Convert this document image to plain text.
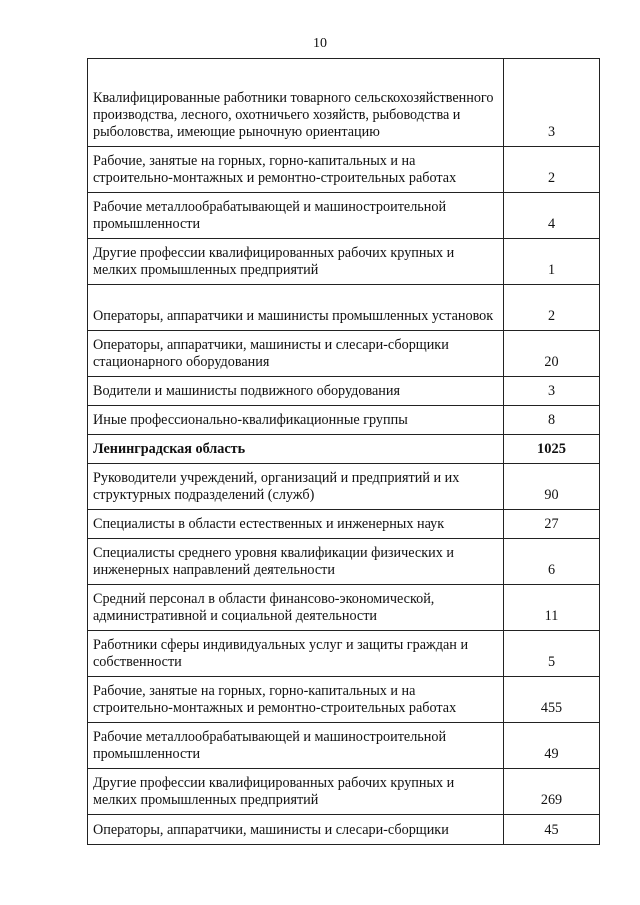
10
Квалифицированные работники товарного сельскохозяйственного производства, лесного, охотничьего хозяйств, рыбоводства и рыболовства, имеющие рыночную ориентацию	3
Рабочие, занятые на горных, горно-капитальных и на строительно-монтажных и ремонтно-строительных работах	2
Рабочие металлообрабатывающей и машиностроительной промышленности	4
Другие профессии квалифицированных рабочих крупных и мелких промышленных предприятий	1
Операторы, аппаратчики и машинисты промышленных установок	2
Операторы, аппаратчики, машинисты и слесари-сборщики стационарного оборудования	20
Водители и машинисты подвижного оборудования	3
Иные профессионально-квалификационные группы	8
Ленинградская область	1025
Руководители учреждений, организаций и предприятий и их структурных подразделений (служб)	90
Специалисты в области естественных и инженерных наук	27
Специалисты среднего уровня квалификации физических и инженерных направлений деятельности	6
Средний персонал в области финансово-экономической, административной и социальной деятельности	11
Работники сферы индивидуальных услуг и защиты граждан и собственности	5
Рабочие, занятые на горных, горно-капитальных и на строительно-монтажных и ремонтно-строительных работах	455
Рабочие металлообрабатывающей и машиностроительной промышленности	49
Другие профессии квалифицированных рабочих крупных и мелких промышленных предприятий	269
Операторы, аппаратчики, машинисты и слесари-сборщики	45
